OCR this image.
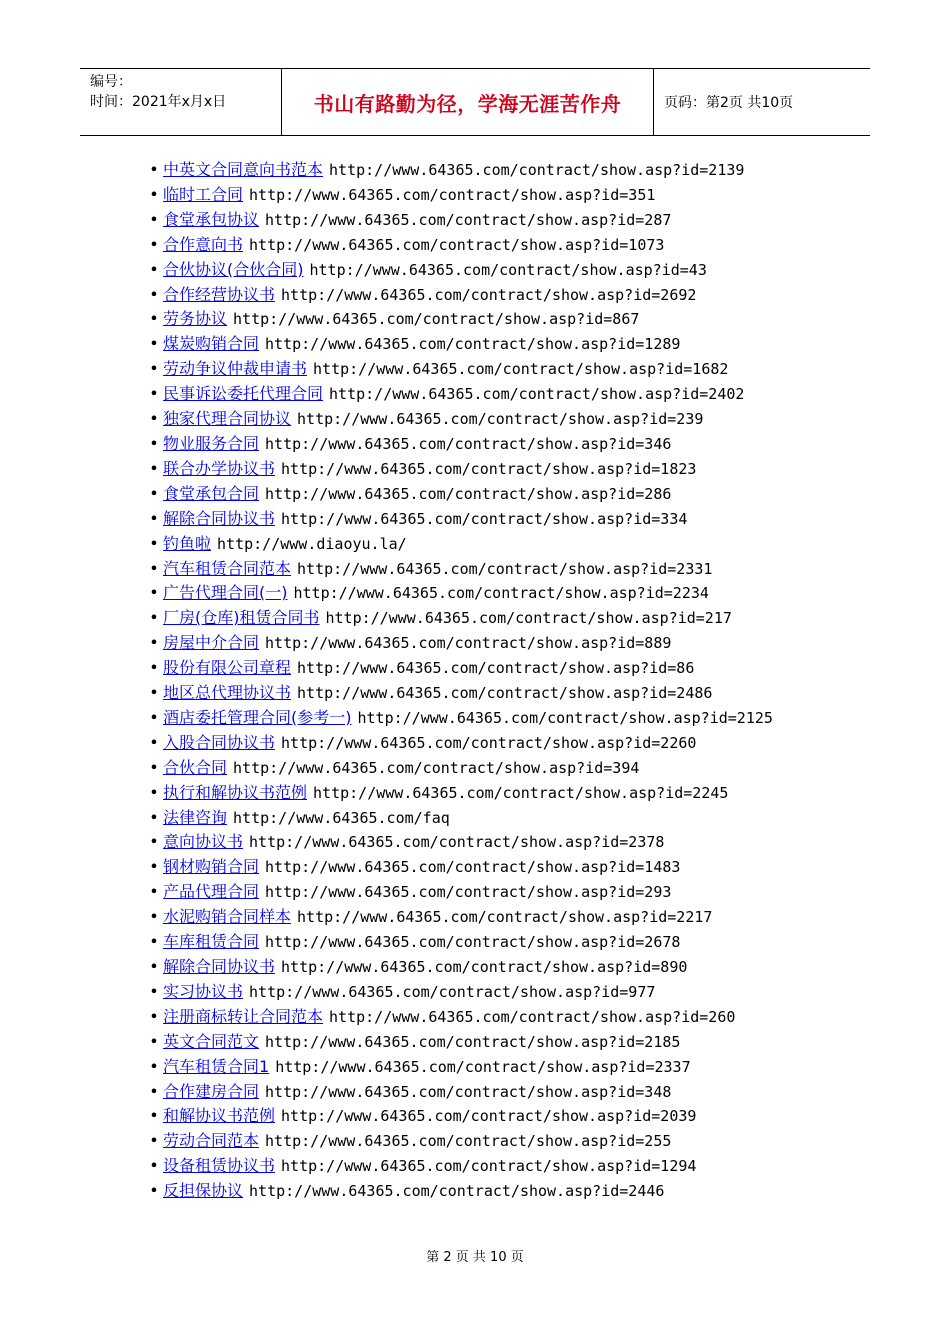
编号：
时间：2021年x月x日	书山有路勤为径，学海无涯苦作舟	页码：第2页 共10页
• 中英文合同意向书范本 http://www.64365.com/contract/show.asp?id=2139
• 临时工合同 http://www.64365.com/contract/show.asp?id=351
• 食堂承包协议 http://www.64365.com/contract/show.asp?id=287
• 合作意向书 http://www.64365.com/contract/show.asp?id=1073
• 合伙协议(合伙合同) http://www.64365.com/contract/show.asp?id=43
• 合作经营协议书 http://www.64365.com/contract/show.asp?id=2692
• 劳务协议 http://www.64365.com/contract/show.asp?id=867
• 煤炭购销合同 http://www.64365.com/contract/show.asp?id=1289
• 劳动争议仲裁申请书 http://www.64365.com/contract/show.asp?id=1682
• 民事诉讼委托代理合同 http://www.64365.com/contract/show.asp?id=2402
• 独家代理合同协议 http://www.64365.com/contract/show.asp?id=239
• 物业服务合同 http://www.64365.com/contract/show.asp?id=346
• 联合办学协议书 http://www.64365.com/contract/show.asp?id=1823
• 食堂承包合同 http://www.64365.com/contract/show.asp?id=286
• 解除合同协议书 http://www.64365.com/contract/show.asp?id=334
• 钓鱼啦 http://www.diaoyu.la/
• 汽车租赁合同范本 http://www.64365.com/contract/show.asp?id=2331
• 广告代理合同(一) http://www.64365.com/contract/show.asp?id=2234
• 厂房(仓库)租赁合同书 http://www.64365.com/contract/show.asp?id=217
• 房屋中介合同 http://www.64365.com/contract/show.asp?id=889
• 股份有限公司章程 http://www.64365.com/contract/show.asp?id=86
• 地区总代理协议书 http://www.64365.com/contract/show.asp?id=2486
• 酒店委托管理合同(参考一) http://www.64365.com/contract/show.asp?id=2125
• 入股合同协议书 http://www.64365.com/contract/show.asp?id=2260
• 合伙合同 http://www.64365.com/contract/show.asp?id=394
• 执行和解协议书范例 http://www.64365.com/contract/show.asp?id=2245
• 法律咨询 http://www.64365.com/faq
• 意向协议书 http://www.64365.com/contract/show.asp?id=2378
• 钢材购销合同 http://www.64365.com/contract/show.asp?id=1483
• 产品代理合同 http://www.64365.com/contract/show.asp?id=293
• 水泥购销合同样本 http://www.64365.com/contract/show.asp?id=2217
• 车库租赁合同 http://www.64365.com/contract/show.asp?id=2678
• 解除合同协议书 http://www.64365.com/contract/show.asp?id=890
• 实习协议书 http://www.64365.com/contract/show.asp?id=977
• 注册商标转让合同范本 http://www.64365.com/contract/show.asp?id=260
• 英文合同范文 http://www.64365.com/contract/show.asp?id=2185
• 汽车租赁合同1 http://www.64365.com/contract/show.asp?id=2337
• 合作建房合同 http://www.64365.com/contract/show.asp?id=348
• 和解协议书范例 http://www.64365.com/contract/show.asp?id=2039
• 劳动合同范本 http://www.64365.com/contract/show.asp?id=255
• 设备租赁协议书 http://www.64365.com/contract/show.asp?id=1294
• 反担保协议 http://www.64365.com/contract/show.asp?id=2446
第 2 页 共 10 页
